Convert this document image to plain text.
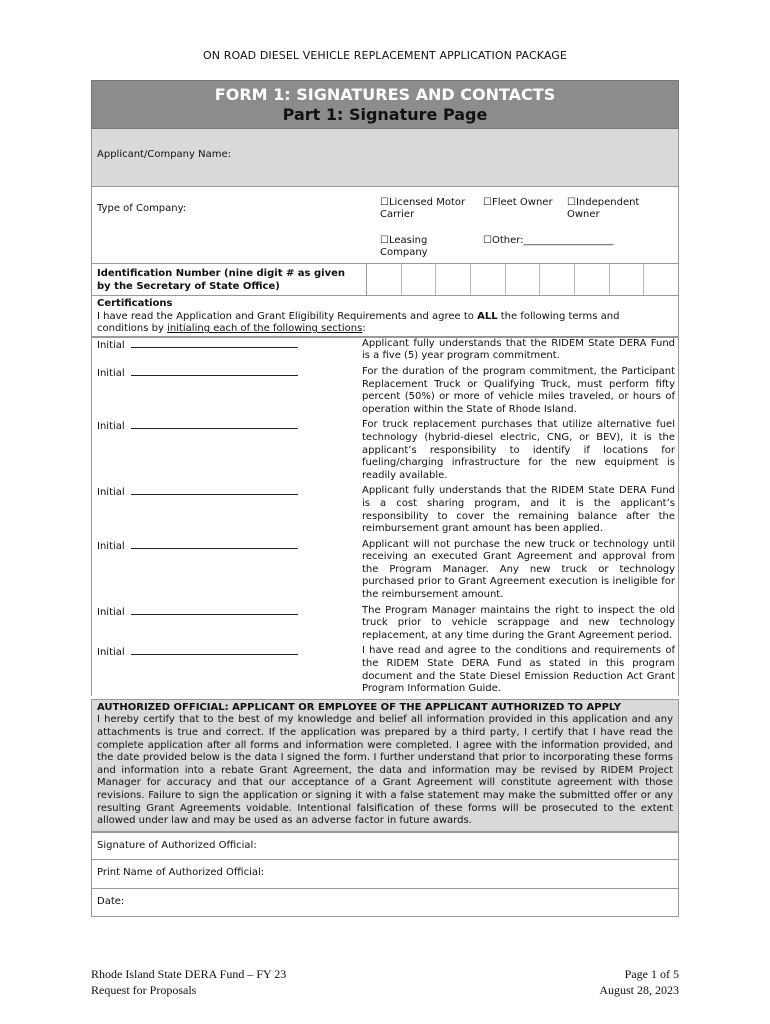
ON ROAD DIESEL VEHICLE REPLACEMENT APPLICATION PACKAGE
FORM 1: SIGNATURES AND CONTACTS
Part 1: Signature Page
Applicant/Company Name:
Type of Company:
☐Licensed Motor Carrier
☐Fleet Owner	☐Independent Owner
☐Leasing Company
☐Other:__________________
Identification Number (nine digit # as given by the Secretary of State Office)
Certifications
I have read the Application and Grant Eligibility Requirements and agree to ALL the following terms and conditions by initialing each of the following sections:
Initial	Applicant fully understands that the RIDEM State DERA Fund is a five (5) year program commitment.
Initial	For the duration of the program commitment, the Participant Replacement Truck or Qualifying Truck, must perform fifty percent (50%) or more of vehicle miles traveled, or hours of operation within the State of Rhode Island.
Initial	For truck replacement purchases that utilize alternative fuel technology (hybrid-diesel electric, CNG, or BEV), it is the applicant’s responsibility to identify if locations for fueling/charging infrastructure for the new equipment is readily available.
Initial	Applicant fully understands that the RIDEM State DERA Fund is a cost sharing program, and it is the applicant’s responsibility to cover the remaining balance after the reimbursement grant amount has been applied.
Initial	Applicant will not purchase the new truck or technology until receiving an executed Grant Agreement and approval from the Program Manager. Any new truck or technology purchased prior to Grant Agreement execution is ineligible for the reimbursement amount.
Initial	The Program Manager maintains the right to inspect the old truck prior to vehicle scrappage and new technology replacement, at any time during the Grant Agreement period.
Initial	I have read and agree to the conditions and requirements of the RIDEM State DERA Fund as stated in this program document and the State Diesel Emission Reduction Act Grant Program Information Guide.
AUTHORIZED OFFICIAL: APPLICANT OR EMPLOYEE OF THE APPLICANT AUTHORIZED TO APPLY
I hereby certify that to the best of my knowledge and belief all information provided in this application and any attachments is true and correct. If the application was prepared by a third party, I certify that I have read the complete application after all forms and information were completed. I agree with the information provided, and the date provided below is the data I signed the form. I further understand that prior to incorporating these forms and information into a rebate Grant Agreement, the data and information may be revised by RIDEM Project Manager for accuracy and that our acceptance of a Grant Agreement will constitute agreement with those revisions. Failure to sign the application or signing it with a false statement may make the submitted offer or any resulting Grant Agreements voidable. Intentional falsification of these forms will be prosecuted to the extent allowed under law and may be used as an adverse factor in future awards.
Signature of Authorized Official:
Print Name of Authorized Official:
Date:
Rhode Island State DERA Fund – FY 23
Request for Proposals
Page 1 of 5
August 28, 2023
